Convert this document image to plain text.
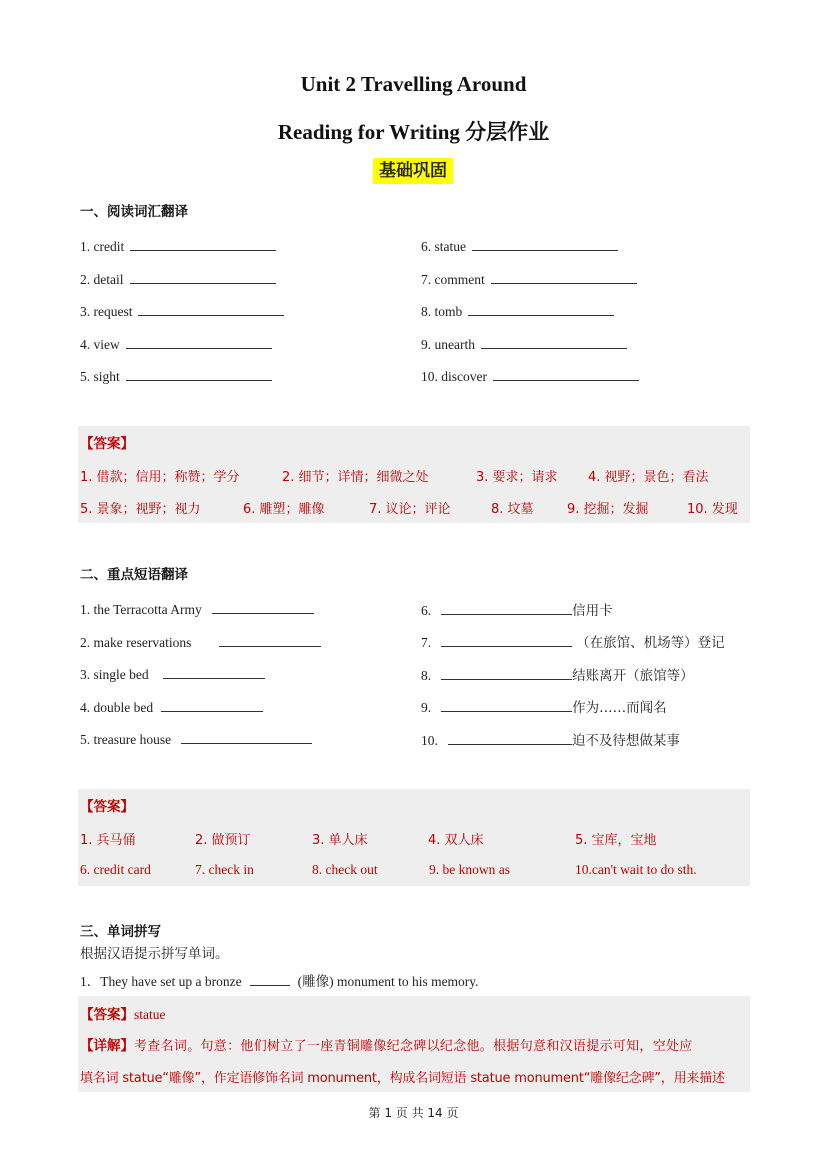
Unit 2 Travelling Around
Reading for Writing 分层作业
基础巩固
一、阅读词汇翻译
1. credit
2. detail
3. request
4. view
5. sight
6. statue
7. comment
8. tomb
9. unearth
10. discover
【答案】
1. 借款；信用；称赞；学分	2. 细节；详情；细微之处	3. 要求；请求 4. 视野；景色；看法
5. 景象；视野；视力	6. 雕塑；雕像	7. 议论；评论	8. 坟墓	9. 挖掘；发掘	10. 发现
二、重点短语翻译
1. the Terracotta Army
2. make reservations
3. single bed
4. double bed
5. treasure house
6.	信用卡
7.	（在旅馆、机场等）登记
8.	结账离开（旅馆等）
9.	作为……而闻名
10.	迫不及待想做某事
【答案】
1. 兵马俑	2. 做预订	3. 单人床	4. 双人床	5. 宝库，宝地
6. credit card	7. check in	8. check out	9. be known as	10.can't wait to do sth.
三、单词拼写
根据汉语提示拼写单词。
1．They have set up a bronze	(雕像) monument to his memory.
【答案】statue
【详解】考查名词。句意：他们树立了一座青铜雕像纪念碑以纪念他。根据句意和汉语提示可知，空处应
填名词 statue“雕像”，作定语修饰名词 monument，构成名词短语 statue monument“雕像纪念碑”，用来描述
第 1 页 共 14 页
